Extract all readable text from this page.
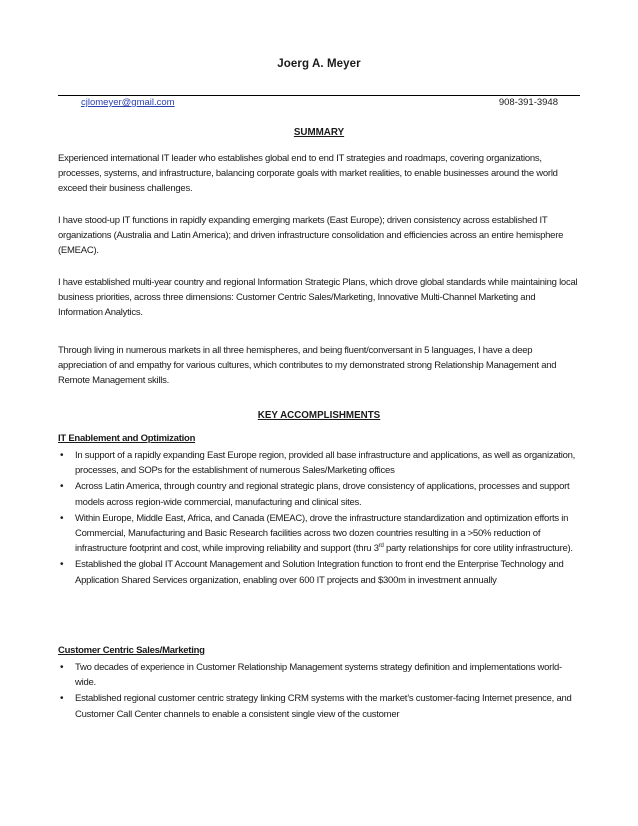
Joerg A. Meyer
cjlomeyer@gmail.com	908-391-3948
SUMMARY

Experienced international IT leader who establishes global end to end IT strategies and roadmaps, covering organizations, processes, systems, and infrastructure, balancing corporate goals with market realities, to enable businesses around the world exceed their business challenges.

I have stood-up IT functions in rapidly expanding emerging markets (East Europe); driven consistency across established IT organizations (Australia and Latin America); and driven infrastructure consolidation and efficiencies across an entire hemisphere (EMEAC).

I have established multi-year country and regional Information Strategic Plans, which drove global standards while maintaining local business priorities, across three dimensions: Customer Centric Sales/Marketing, Innovative Multi-Channel Marketing and Information Analytics.

Through living in numerous markets in all three hemispheres, and being fluent/conversant in 5 languages, I have a deep appreciation of and empathy for various cultures, which contributes to my demonstrated strong Relationship Management and Remote Management skills.

KEY ACCOMPLISHMENTS
IT Enablement and Optimization
• In support of a rapidly expanding East Europe region, provided all base infrastructure and applications, as well as organization, processes, and SOPs for the establishment of numerous Sales/Marketing offices
• Across Latin America, through country and regional strategic plans, drove consistency of applications, processes and support models across region-wide commercial, manufacturing and clinical sites.
• Within Europe, Middle East, Africa, and Canada (EMEAC), drove the infrastructure standardization and optimization efforts in Commercial, Manufacturing and Basic Research facilities across two dozen countries resulting in a >50% reduction of infrastructure footprint and cost, while improving reliability and support (thru 3rd party relationships for core utility infrastructure).
• Established the global IT Account Management and Solution Integration function to front end the Enterprise Technology and Application Shared Services organization, enabling over 600 IT projects and $300m in investment annually
Customer Centric Sales/Marketing
• Two decades of experience in Customer Relationship Management systems strategy definition and implementations world-wide.
• Established regional customer centric strategy linking CRM systems with the market’s customer-facing Internet presence, and Customer Call Center channels to enable a consistent single view of the customer
